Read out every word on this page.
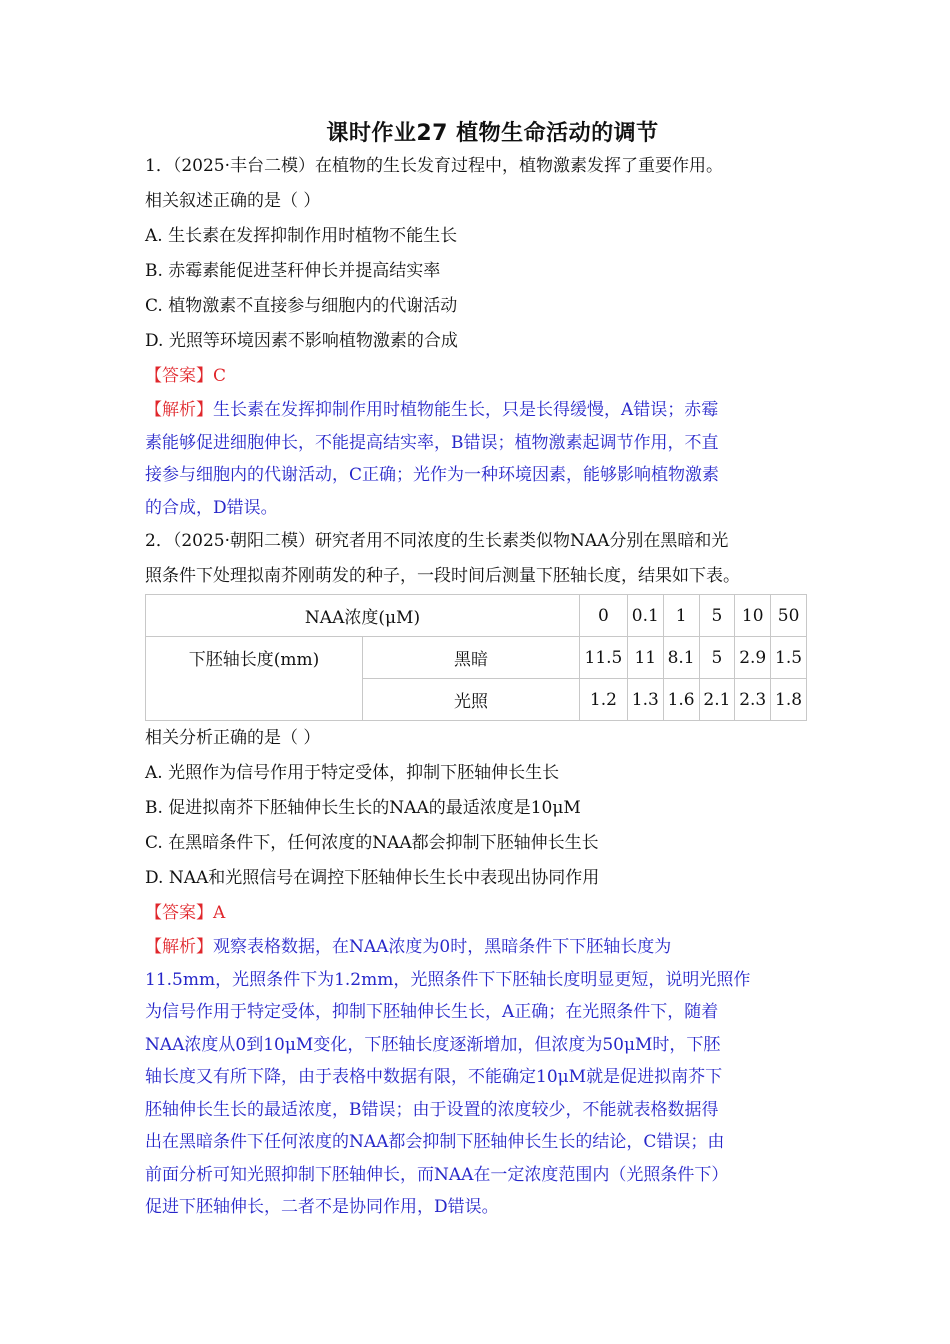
课时作业27 植物生命活动的调节

1．（2025·丰台二模）在植物的生长发育过程中，植物激素发挥了重要作用。

相关叙述正确的是（ ）

A. 生长素在发挥抑制作用时植物不能生长

B. 赤霉素能促进茎秆伸长并提高结实率

C. 植物激素不直接参与细胞内的代谢活动

D. 光照等环境因素不影响植物激素的合成

【答案】C

【解析】生长素在发挥抑制作用时植物能生长，只是长得缓慢，A错误；赤霉

素能够促进细胞伸长，不能提高结实率，B错误；植物激素起调节作用，不直

接参与细胞内的代谢活动，C正确；光作为一种环境因素，能够影响植物激素

的合成，D错误。

2．（2025·朝阳二模）研究者用不同浓度的生长素类似物NAA分别在黑暗和光

照条件下处理拟南芥刚萌发的种子，一段时间后测量下胚轴长度，结果如下表。

NAA浓度(μM)		0	0.1	1	5	10	50
下胚轴长度(mm)	黑暗	11.5	11	8.1	5	2.9	1.5
	光照	1.2	1.3	1.6	2.1	2.3	1.8

相关分析正确的是（ ）

A. 光照作为信号作用于特定受体，抑制下胚轴伸长生长

B. 促进拟南芥下胚轴伸长生长的NAA的最适浓度是10μM

C. 在黑暗条件下，任何浓度的NAA都会抑制下胚轴伸长生长

D. NAA和光照信号在调控下胚轴伸长生长中表现出协同作用

【答案】A

【解析】观察表格数据，在NAA浓度为0时，黑暗条件下下胚轴长度为

11.5mm，光照条件下为1.2mm，光照条件下下胚轴长度明显更短，说明光照作

为信号作用于特定受体，抑制下胚轴伸长生长，A正确；在光照条件下，随着

NAA浓度从0到10μM变化，下胚轴长度逐渐增加，但浓度为50μM时，下胚

轴长度又有所下降，由于表格中数据有限，不能确定10μM就是促进拟南芥下

胚轴伸长生长的最适浓度，B错误；由于设置的浓度较少，不能就表格数据得

出在黑暗条件下任何浓度的NAA都会抑制下胚轴伸长生长的结论，C错误；由

前面分析可知光照抑制下胚轴伸长，而NAA在一定浓度范围内（光照条件下）

促进下胚轴伸长，二者不是协同作用，D错误。
